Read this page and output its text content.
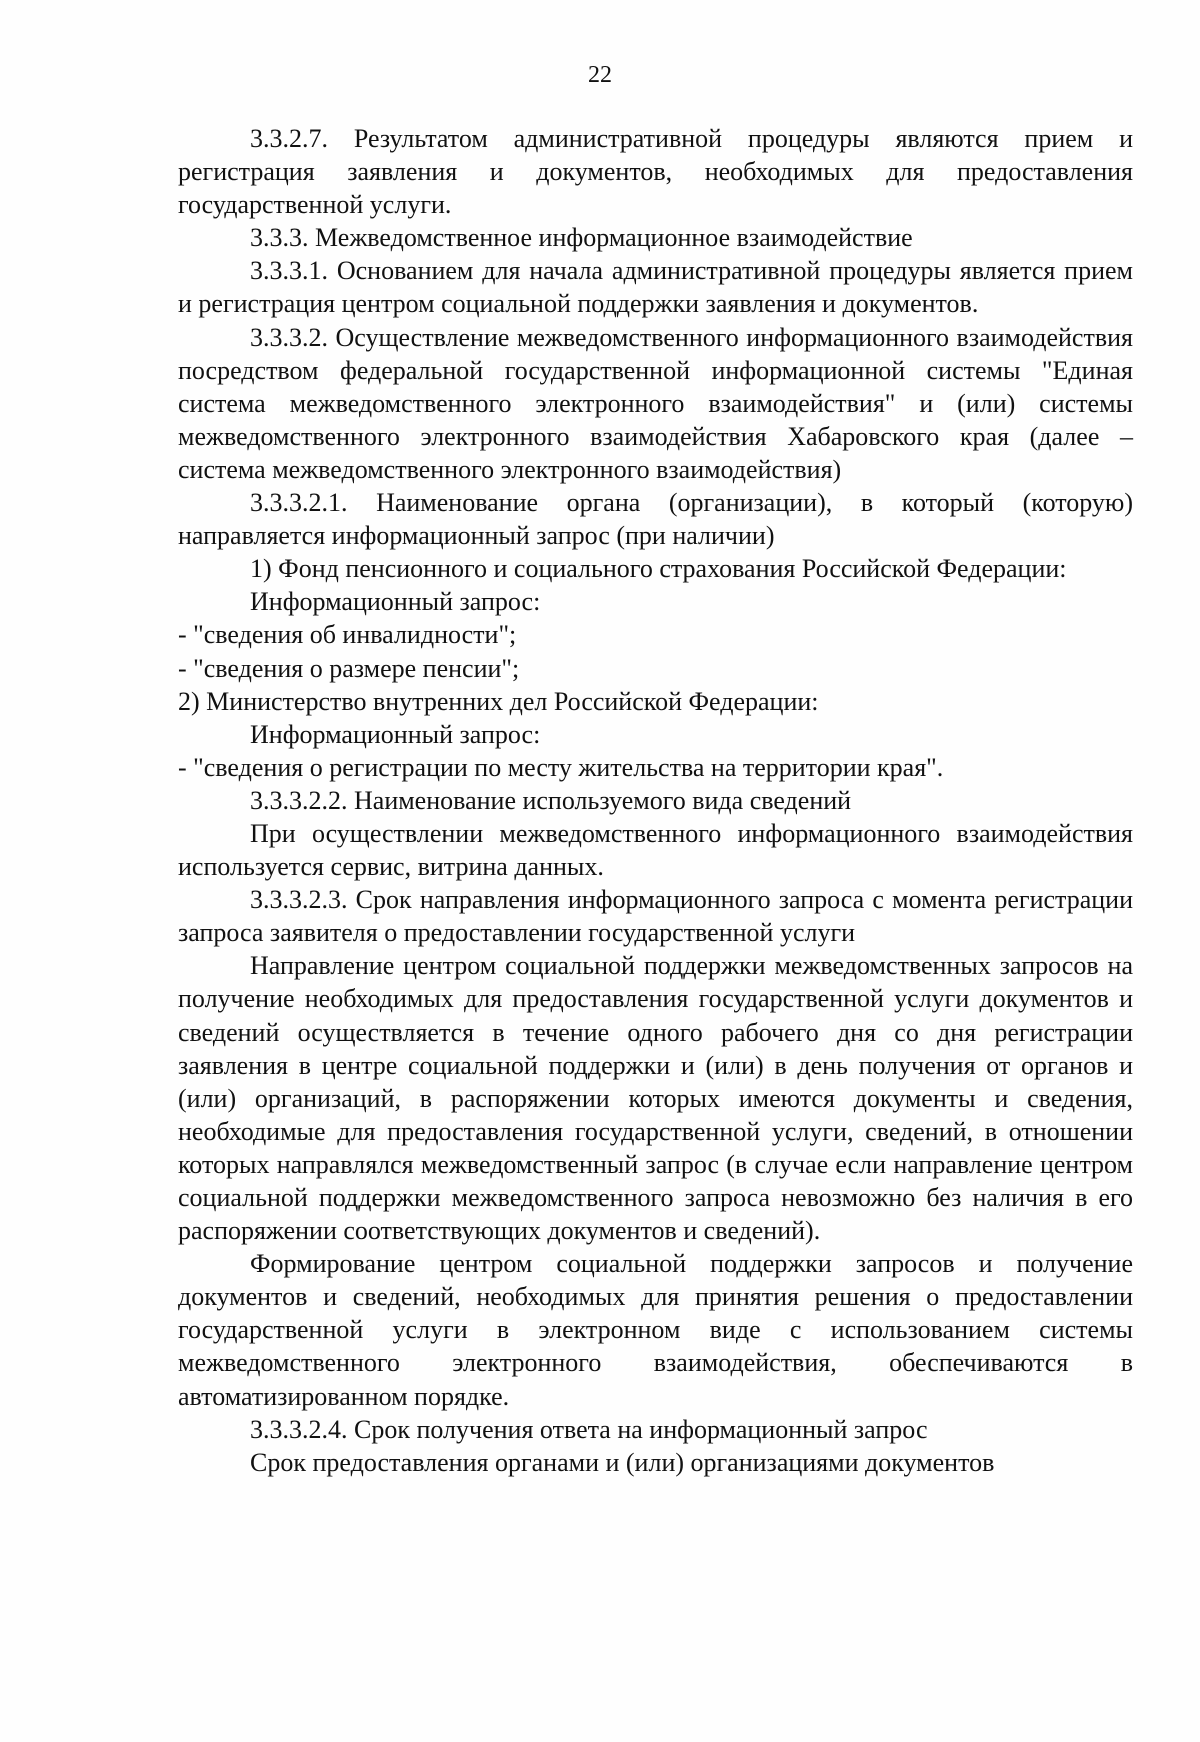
22

3.3.2.7. Результатом административной процедуры являются прием и регистрация заявления и документов, необходимых для предоставления государственной услуги.

3.3.3. Межведомственное информационное взаимодействие

3.3.3.1. Основанием для начала административной процедуры является прием и регистрация центром социальной поддержки заявления и документов.

3.3.3.2. Осуществление межведомственного информационного взаимодействия посредством федеральной государственной информационной системы "Единая система межведомственного электронного взаимодействия" и (или) системы межведомственного электронного взаимодействия Хабаровского края (далее – система межведомственного электронного взаимодействия)

3.3.3.2.1. Наименование органа (организации), в который (которую) направляется информационный запрос (при наличии)

1) Фонд пенсионного и социального страхования Российской Федерации:

Информационный запрос:

- "сведения об инвалидности";

- "сведения о размере пенсии";

2) Министерство внутренних дел Российской Федерации:

Информационный запрос:

- "сведения о регистрации по месту жительства на территории края".

3.3.3.2.2. Наименование используемого вида сведений

При осуществлении межведомственного информационного взаимодействия используется сервис, витрина данных.

3.3.3.2.3. Срок направления информационного запроса с момента регистрации запроса заявителя о предоставлении государственной услуги

Направление центром социальной поддержки межведомственных запросов на получение необходимых для предоставления государственной услуги документов и сведений осуществляется в течение одного рабочего дня со дня регистрации заявления в центре социальной поддержки и (или) в день получения от органов и (или) организаций, в распоряжении которых имеются документы и сведения, необходимые для предоставления государственной услуги, сведений, в отношении которых направлялся межведомственный запрос (в случае если направление центром социальной поддержки межведомственного запроса невозможно без наличия в его распоряжении соответствующих документов и сведений).

Формирование центром социальной поддержки запросов и получение документов и сведений, необходимых для принятия решения о предоставлении государственной услуги в электронном виде с использованием системы межведомственного электронного взаимодействия, обеспечиваются в автоматизированном порядке.

3.3.3.2.4. Срок получения ответа на информационный запрос

Срок предоставления органами и (или) организациями документов
